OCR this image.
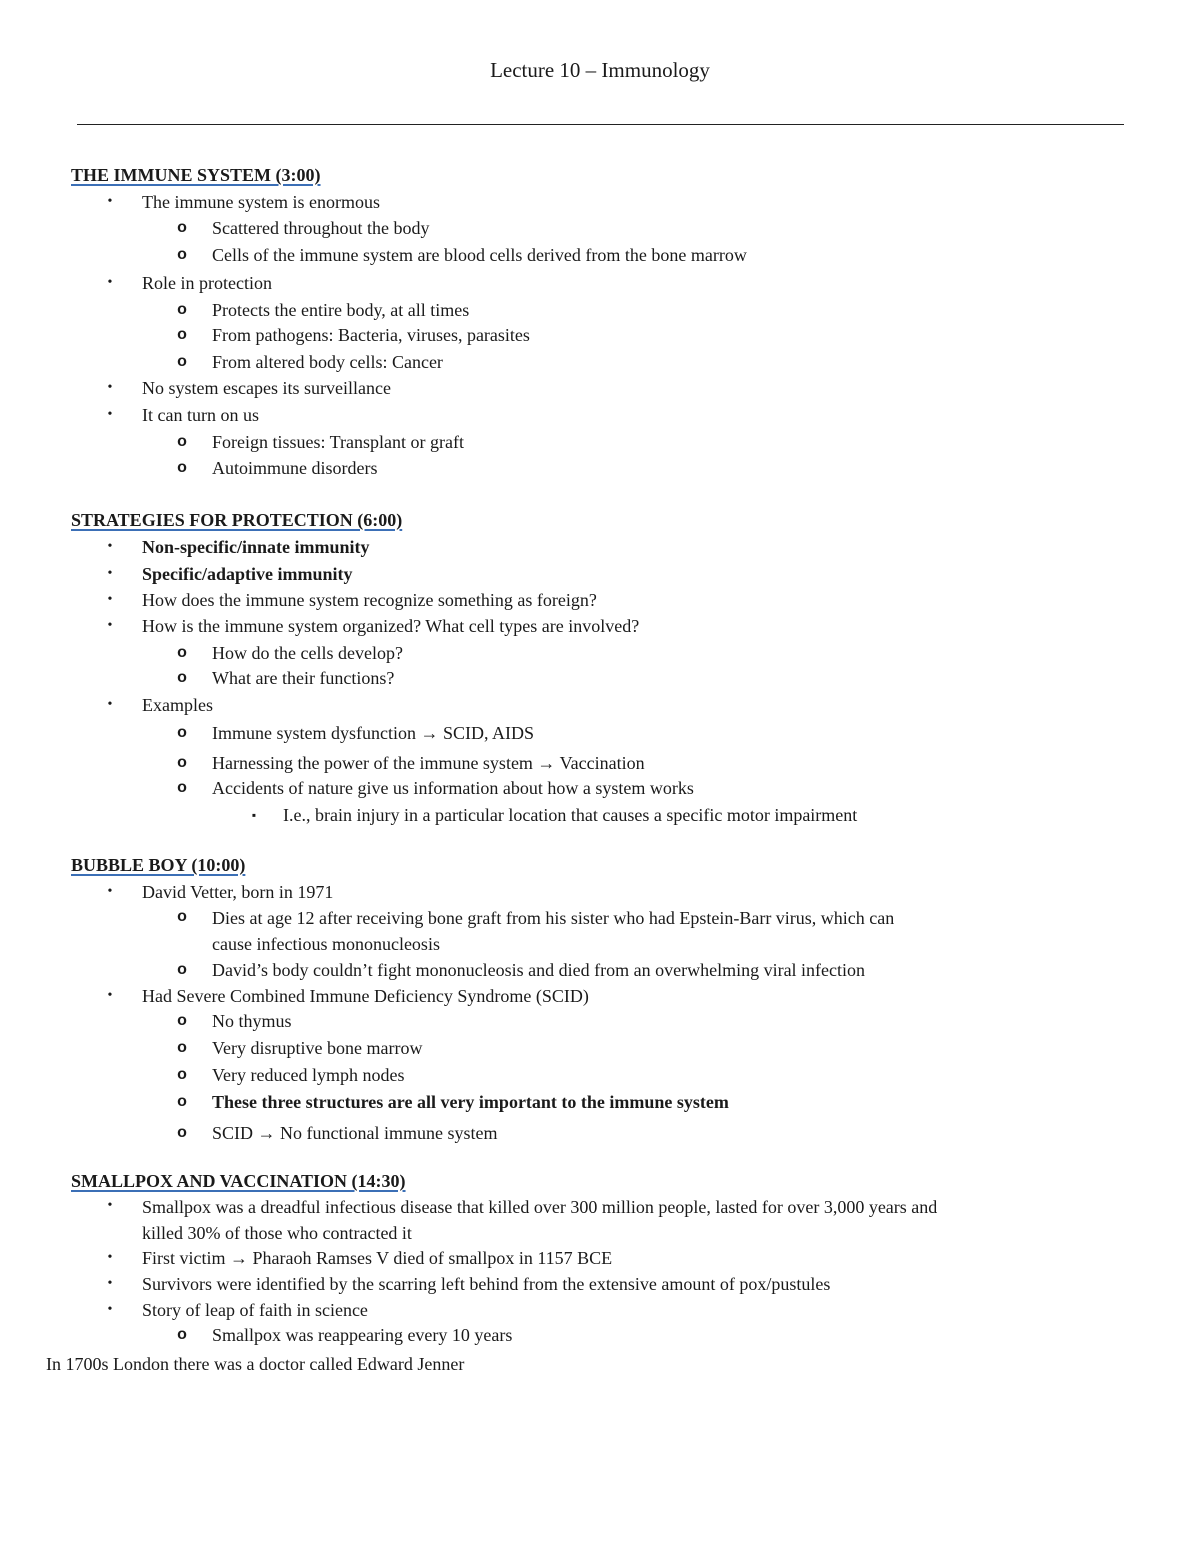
Lecture 10 – Immunology
THE IMMUNE SYSTEM (3:00)
•	The immune system is enormous
o Scattered throughout the body
o Cells of the immune system are blood cells derived from the bone marrow
•	Role in protection
o Protects the entire body, at all times
o From pathogens: Bacteria, viruses, parasites
o From altered body cells: Cancer
•	No system escapes its surveillance
•	It can turn on us
o Foreign tissues: Transplant or graft
o Autoimmune disorders
STRATEGIES FOR PROTECTION (6:00)
•	Non-specific/innate immunity
•	Specific/adaptive immunity
•	How does the immune system recognize something as foreign?
•	How is the immune system organized? What cell types are involved?
o How do the cells develop?
o What are their functions?
•	Examples
o Immune system dysfunction → SCID, AIDS
o Harnessing the power of the immune system → Vaccination
o Accidents of nature give us information about how a system works
▪	I.e., brain injury in a particular location that causes a specific motor impairment
BUBBLE BOY (10:00)
•	David Vetter, born in 1971
o Dies at age 12 after receiving bone graft from his sister who had Epstein-Barr virus, which can
cause infectious mononucleosis
o David’s body couldn’t fight mononucleosis and died from an overwhelming viral infection
•	Had Severe Combined Immune Deficiency Syndrome (SCID)
o No thymus
o Very disruptive bone marrow
o Very reduced lymph nodes
o These three structures are all very important to the immune system
o SCID → No functional immune system
SMALLPOX AND VACCINATION (14:30)
•	Smallpox was a dreadful infectious disease that killed over 300 million people, lasted for over 3,000 years and
killed 30% of those who contracted it
•	First victim → Pharaoh Ramses V died of smallpox in 1157 BCE
•	Survivors were identified by the scarring left behind from the extensive amount of pox/pustules
•	Story of leap of faith in science
o Smallpox was reappearing every 10 years
In 1700s London there was a doctor called Edward Jenner
